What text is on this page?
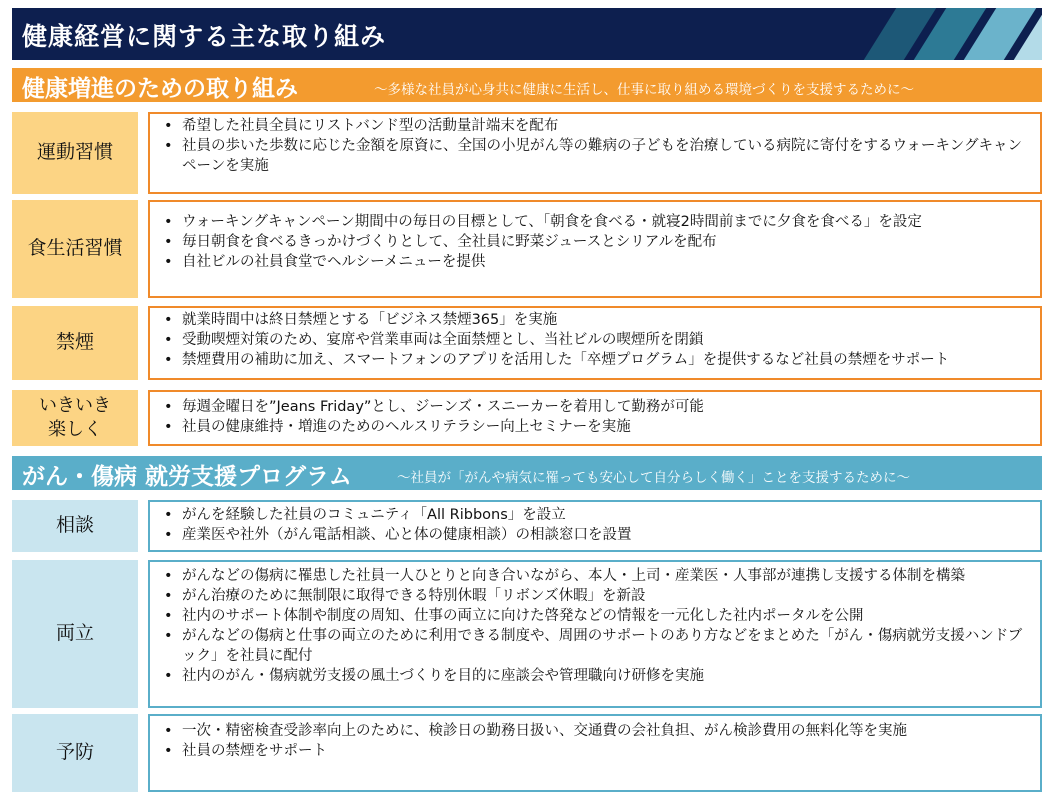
健康経営に関する主な取り組み
健康増進のための取り組み	～多様な社員が心身共に健康に生活し、仕事に取り組める環境づくりを支援するために～
運動習慣
• 希望した社員全員にリストバンド型の活動量計端末を配布
• 社員の歩いた歩数に応じた金額を原資に、全国の小児がん等の難病の子どもを治療している病院に寄付をするウォーキングキャンペーンを実施
食生活習慣
• ウォーキングキャンペーン期間中の毎日の目標として、「朝食を食べる・就寝2時間前までに夕食を食べる」を設定
• 毎日朝食を食べるきっかけづくりとして、全社員に野菜ジュースとシリアルを配布
• 自社ビルの社員食堂でヘルシーメニューを提供
禁煙
• 就業時間中は終日禁煙とする「ビジネス禁煙365」を実施
• 受動喫煙対策のため、宴席や営業車両は全面禁煙とし、当社ビルの喫煙所を閉鎖
• 禁煙費用の補助に加え、スマートフォンのアプリを活用した「卒煙プログラム」を提供するなど社員の禁煙をサポート
いきいき
楽しく
• 毎週金曜日を”Jeans Friday”とし、ジーンズ・スニーカーを着用して勤務が可能
• 社員の健康維持・増進のためのヘルスリテラシー向上セミナーを実施
がん・傷病 就労支援プログラム	～社員が「がんや病気に罹っても安心して自分らしく働く」ことを支援するために～
相談
•	がんを経験した社員のコミュニティ「All Ribbons」を設立
• 産業医や社外（がん電話相談、心と体の健康相談）の相談窓口を設置
両立
• がんなどの傷病に罹患した社員一人ひとりと向き合いながら、本人・上司・産業医・人事部が連携し支援する体制を構築
• がん治療のために無制限に取得できる特別休暇「リボンズ休暇」を新設
• 社内のサポート体制や制度の周知、仕事の両立に向けた啓発などの情報を一元化した社内ポータルを公開
• がんなどの傷病と仕事の両立のために利用できる制度や、周囲のサポートのあり方などをまとめた「がん・傷病就労支援ハンドブック」を社員に配付
• 社内のがん・傷病就労支援の風土づくりを目的に座談会や管理職向け研修を実施
予防
• 一次・精密検査受診率向上のために、検診日の勤務日扱い、交通費の会社負担、がん検診費用の無料化等を実施
• 社員の禁煙をサポート
